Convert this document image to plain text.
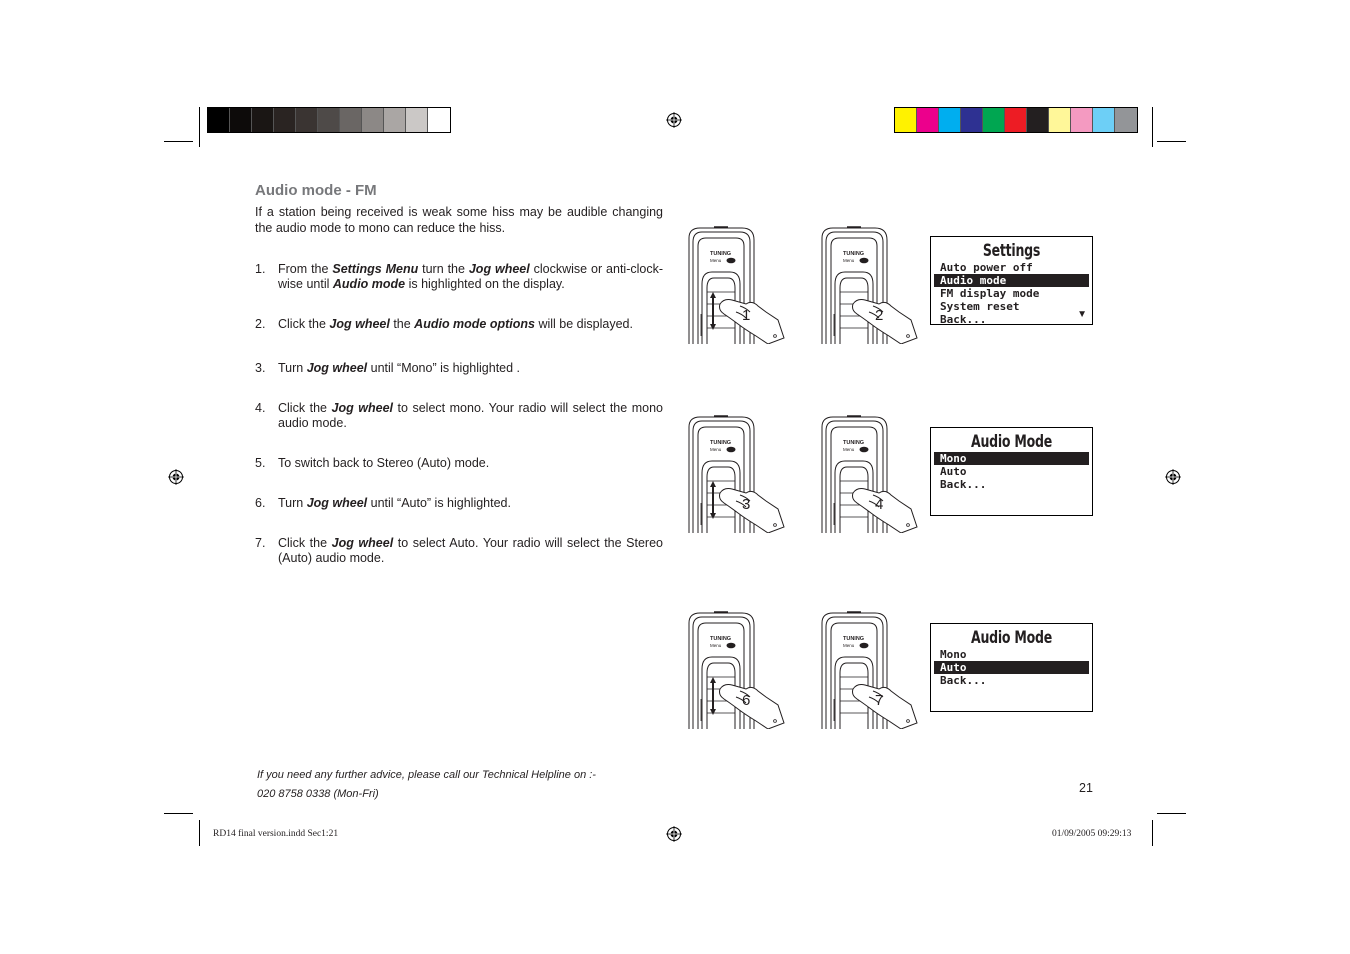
Audio mode - FM

If a station being received is weak some hiss may be audible changing the audio mode to mono can reduce the hiss.

1. From the Settings Menu turn the Jog wheel clockwise or anti-clock-wise until Audio mode is highlighted on the display.
2. Click the Jog wheel the Audio mode options will be displayed.
3. Turn Jog wheel until “Mono” is highlighted .
4. Click the Jog wheel to select mono. Your radio will select the mono audio mode.
5. To switch back to Stereo (Auto) mode.
6. Turn Jog wheel until “Auto” is highlighted.
7. Click the Jog wheel to select Auto. Your radio will select the Stereo (Auto) audio mode.
TUNING
Menu
1
TUNING
Menu
2
TUNING
Menu
3
TUNING
Menu
4
TUNING
Menu
6
TUNING
Menu
7
Settings
Auto power off
Audio mode
FM display mode
System reset
Back...	▼
Audio Mode
Mono
Auto
Back...
Audio Mode
Mono
Auto
Back...
If you need any further advice, please call our Technical Helpline on :-
020 8758 0338 (Mon-Fri)	21
RD14 final version.indd Sec1:21	01/09/2005 09:29:13
